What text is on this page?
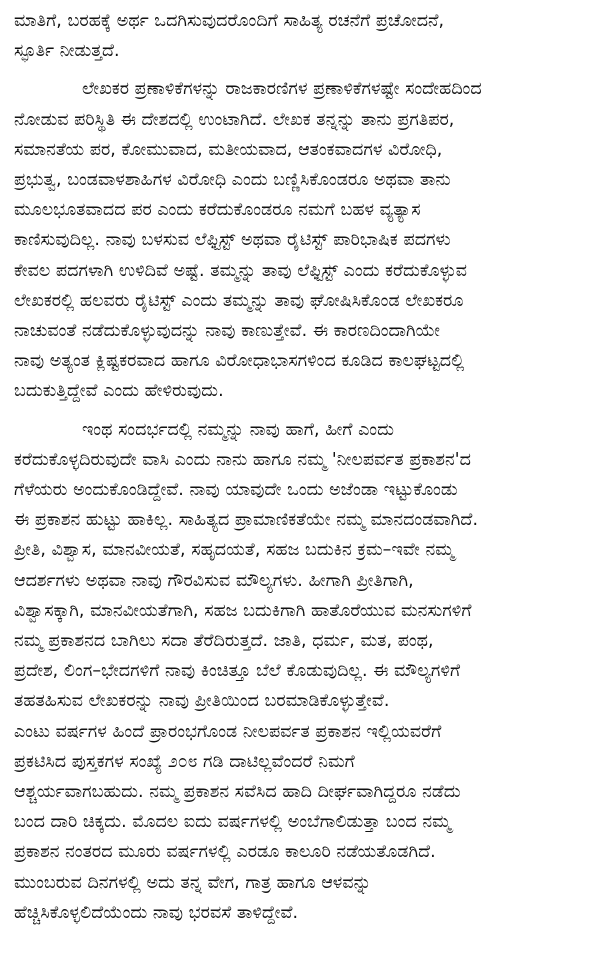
ಮಾತಿಗೆ, ಬರಹಕ್ಕೆ ಅರ್ಥ ಒದಗಿಸುವುದರೊಂದಿಗೆ ಸಾಹಿತ್ಯ ರಚನೆಗೆ ಪ್ರಚೋದನೆ,
ಸ್ಫೂರ್ತಿ ನೀಡುತ್ತದೆ.

ಲೇಖಕರ ಪ್ರಣಾಳಿಕೆಗಳನ್ನು ರಾಜಕಾರಣಿಗಳ ಪ್ರಣಾಳಿಕೆಗಳಷ್ಟೇ ಸಂದೇಹದಿಂದ
ನೋಡುವ ಪರಿಸ್ಥಿತಿ ಈ ದೇಶದಲ್ಲಿ ಉಂಟಾಗಿದೆ. ಲೇಖಕ ತನ್ನನ್ನು ತಾನು ಪ್ರಗತಿಪರ,
ಸಮಾನತೆಯ ಪರ, ಕೋಮುವಾದ, ಮತೀಯವಾದ, ಆತಂಕವಾದಗಳ ವಿರೋಧಿ,
ಪ್ರಭುತ್ವ, ಬಂಡವಾಳಶಾಹಿಗಳ ವಿರೋಧಿ ಎಂದು ಬಣ್ಣಿಸಿಕೊಂಡರೂ ಅಥವಾ ತಾನು
ಮೂಲಭೂತವಾದದ ಪರ ಎಂದು ಕರೆದುಕೊಂಡರೂ ನಮಗೆ ಬಹಳ ವ್ಯತ್ಯಾಸ
ಕಾಣಿಸುವುದಿಲ್ಲ. ನಾವು ಬಳಸುವ ಲೆಫ್ಟಿಸ್ಟ್ ಅಥವಾ ರೈಟಿಸ್ಟ್ ಪಾರಿಭಾಷಿಕ ಪದಗಳು
ಕೇವಲ ಪದಗಳಾಗಿ ಉಳಿದಿವೆ ಅಷ್ಟೆ. ತಮ್ಮನ್ನು ತಾವು ಲೆಫ್ಟಿಸ್ಟ್ ಎಂದು ಕರೆದುಕೊಳ್ಳುವ
ಲೇಖಕರಲ್ಲಿ ಹಲವರು ರೈಟಿಸ್ಟ್ ಎಂದು ತಮ್ಮನ್ನು ತಾವು ಘೋಷಿಸಿಕೊಂಡ ಲೇಖಕರೂ
ನಾಚುವಂತೆ ನಡೆದುಕೊಳ್ಳುವುದನ್ನು ನಾವು ಕಾಣುತ್ತೇವೆ. ಈ ಕಾರಣದಿಂದಾಗಿಯೇ
ನಾವು ಅತ್ಯಂತ ಕ್ಲಿಷ್ಟಕರವಾದ ಹಾಗೂ ವಿರೋಧಾಭಾಸಗಳಿಂದ ಕೂಡಿದ ಕಾಲಘಟ್ಟದಲ್ಲಿ
ಬದುಕುತ್ತಿದ್ದೇವೆ ಎಂದು ಹೇಳಿರುವುದು.

ಇಂಥ ಸಂದರ್ಭದಲ್ಲಿ ನಮ್ಮನ್ನು ನಾವು ಹಾಗೆ, ಹೀಗೆ ಎಂದು
ಕರೆದುಕೊಳ್ಳದಿರುವುದೇ ವಾಸಿ ಎಂದು ನಾನು ಹಾಗೂ ನಮ್ಮ 'ನೀಲಪರ್ವತ ಪ್ರಕಾಶನ'ದ
ಗೆಳೆಯರು ಅಂದುಕೊಂಡಿದ್ದೇವೆ. ನಾವು ಯಾವುದೇ ಒಂದು ಅಜೆಂಡಾ ಇಟ್ಟುಕೊಂಡು
ಈ ಪ್ರಕಾಶನ ಹುಟ್ಟು ಹಾಕಿಲ್ಲ. ಸಾಹಿತ್ಯದ ಪ್ರಾಮಾಣಿಕತೆಯೇ ನಮ್ಮ ಮಾನದಂಡವಾಗಿದೆ.
ಪ್ರೀತಿ, ವಿಶ್ವಾಸ, ಮಾನವೀಯತೆ, ಸಹೃದಯತೆ, ಸಹಜ ಬದುಕಿನ ಕ್ರಮ–ಇವೇ ನಮ್ಮ
ಆದರ್ಶಗಳು ಅಥವಾ ನಾವು ಗೌರವಿಸುವ ಮೌಲ್ಯಗಳು. ಹೀಗಾಗಿ ಪ್ರೀತಿಗಾಗಿ,
ವಿಶ್ವಾಸಕ್ಕಾಗಿ, ಮಾನವೀಯತೆಗಾಗಿ, ಸಹಜ ಬದುಕಿಗಾಗಿ ಹಾತೊರೆಯುವ ಮನಸುಗಳಿಗೆ
ನಮ್ಮ ಪ್ರಕಾಶನದ ಬಾಗಿಲು ಸದಾ ತೆರೆದಿರುತ್ತದೆ. ಜಾತಿ, ಧರ್ಮ, ಮತ, ಪಂಥ,
ಪ್ರದೇಶ, ಲಿಂಗ–ಭೇದಗಳಿಗೆ ನಾವು ಕಿಂಚಿತ್ತೂ ಬೆಲೆ ಕೊಡುವುದಿಲ್ಲ. ಈ ಮೌಲ್ಯಗಳಿಗೆ
ತಹತಹಿಸುವ ಲೇಖಕರನ್ನು ನಾವು ಪ್ರೀತಿಯಿಂದ ಬರಮಾಡಿಕೊಳ್ಳುತ್ತೇವೆ.
ಎಂಟು ವರ್ಷಗಳ ಹಿಂದೆ ಪ್ರಾರಂಭಗೊಂಡ ನೀಲಪರ್ವತ ಪ್ರಕಾಶನ ಇಲ್ಲಿಯವರೆಗೆ
ಪ್ರಕಟಿಸಿದ ಪುಸ್ತಕಗಳ ಸಂಖ್ಯೆ ೨೦೮ ಗಡಿ ದಾಟಿಲ್ಲವೆಂದರೆ ನಿಮಗೆ
ಆಶ್ಚರ್ಯವಾಗಬಹುದು. ನಮ್ಮ ಪ್ರಕಾಶನ ಸವೆಸಿದ ಹಾದಿ ದೀರ್ಘವಾಗಿದ್ದರೂ ನಡೆದು
ಬಂದ ದಾರಿ ಚಿಕ್ಕದು. ಮೊದಲ ಐದು ವರ್ಷಗಳಲ್ಲಿ ಅಂಬೆಗಾಲಿಡುತ್ತಾ ಬಂದ ನಮ್ಮ
ಪ್ರಕಾಶನ ನಂತರದ ಮೂರು ವರ್ಷಗಳಲ್ಲಿ ಎರಡೂ ಕಾಲೂರಿ ನಡೆಯತೊಡಗಿದೆ.
ಮುಂಬರುವ ದಿನಗಳಲ್ಲಿ ಅದು ತನ್ನ ವೇಗ, ಗಾತ್ರ ಹಾಗೂ ಆಳವನ್ನು
ಹೆಚ್ಚಿಸಿಕೊಳ್ಳಲಿದೆಯೆಂದು ನಾವು ಭರವಸೆ ತಾಳಿದ್ದೇವೆ.
